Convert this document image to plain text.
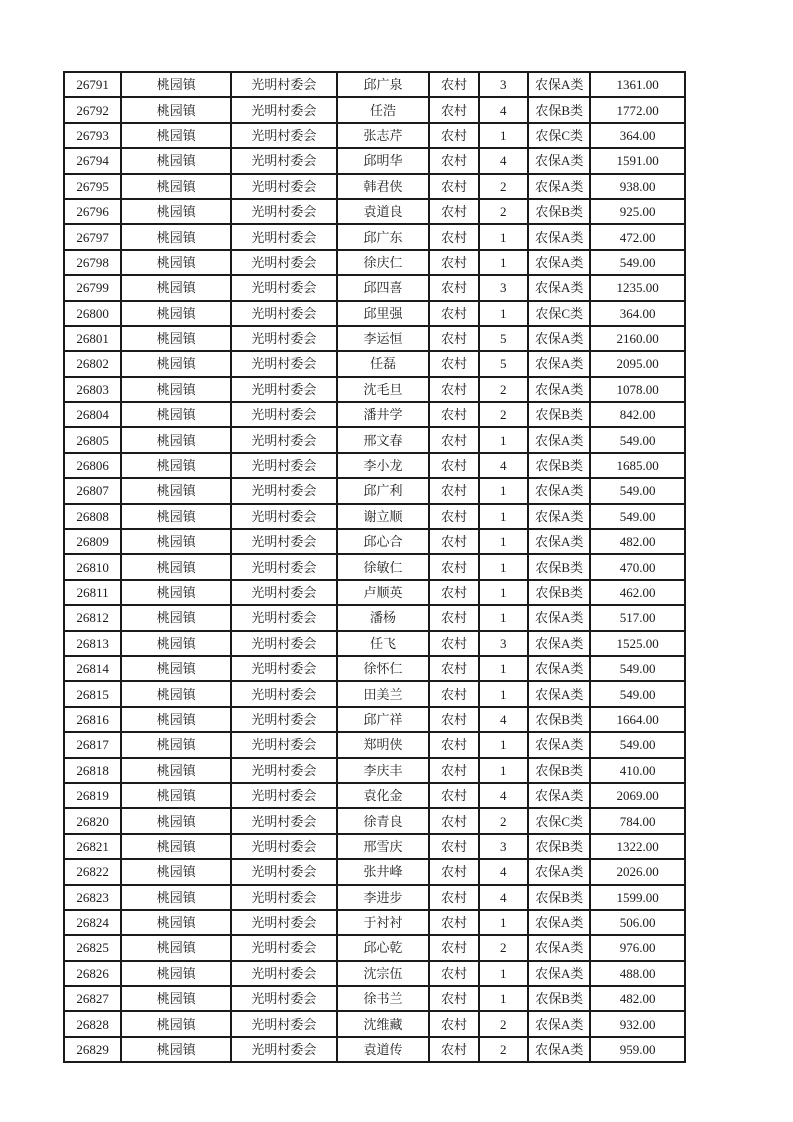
26791	桃园镇	光明村委会	邱广泉	农村	3	农保A类	1361.00
26792	桃园镇	光明村委会	任浩	农村	4	农保B类	1772.00
26793	桃园镇	光明村委会	张志芹	农村	1	农保C类	364.00
26794	桃园镇	光明村委会	邱明华	农村	4	农保A类	1591.00
26795	桃园镇	光明村委会	韩君侠	农村	2	农保A类	938.00
26796	桃园镇	光明村委会	袁道良	农村	2	农保B类	925.00
26797	桃园镇	光明村委会	邱广东	农村	1	农保A类	472.00
26798	桃园镇	光明村委会	徐庆仁	农村	1	农保A类	549.00
26799	桃园镇	光明村委会	邱四喜	农村	3	农保A类	1235.00
26800	桃园镇	光明村委会	邱里强	农村	1	农保C类	364.00
26801	桃园镇	光明村委会	李运恒	农村	5	农保A类	2160.00
26802	桃园镇	光明村委会	任磊	农村	5	农保A类	2095.00
26803	桃园镇	光明村委会	沈毛旦	农村	2	农保A类	1078.00
26804	桃园镇	光明村委会	潘井学	农村	2	农保B类	842.00
26805	桃园镇	光明村委会	邢文春	农村	1	农保A类	549.00
26806	桃园镇	光明村委会	李小龙	农村	4	农保B类	1685.00
26807	桃园镇	光明村委会	邱广利	农村	1	农保A类	549.00
26808	桃园镇	光明村委会	谢立顺	农村	1	农保A类	549.00
26809	桃园镇	光明村委会	邱心合	农村	1	农保A类	482.00
26810	桃园镇	光明村委会	徐敏仁	农村	1	农保B类	470.00
26811	桃园镇	光明村委会	卢顺英	农村	1	农保B类	462.00
26812	桃园镇	光明村委会	潘杨	农村	1	农保A类	517.00
26813	桃园镇	光明村委会	任飞	农村	3	农保A类	1525.00
26814	桃园镇	光明村委会	徐怀仁	农村	1	农保A类	549.00
26815	桃园镇	光明村委会	田美兰	农村	1	农保A类	549.00
26816	桃园镇	光明村委会	邱广祥	农村	4	农保B类	1664.00
26817	桃园镇	光明村委会	郑明侠	农村	1	农保A类	549.00
26818	桃园镇	光明村委会	李庆丰	农村	1	农保B类	410.00
26819	桃园镇	光明村委会	袁化金	农村	4	农保A类	2069.00
26820	桃园镇	光明村委会	徐青良	农村	2	农保C类	784.00
26821	桃园镇	光明村委会	邢雪庆	农村	3	农保B类	1322.00
26822	桃园镇	光明村委会	张井峰	农村	4	农保A类	2026.00
26823	桃园镇	光明村委会	李进步	农村	4	农保B类	1599.00
26824	桃园镇	光明村委会	于衬衬	农村	1	农保A类	506.00
26825	桃园镇	光明村委会	邱心乾	农村	2	农保A类	976.00
26826	桃园镇	光明村委会	沈宗伍	农村	1	农保A类	488.00
26827	桃园镇	光明村委会	徐书兰	农村	1	农保B类	482.00
26828	桃园镇	光明村委会	沈维藏	农村	2	农保A类	932.00
26829	桃园镇	光明村委会	袁道传	农村	2	农保A类	959.00
